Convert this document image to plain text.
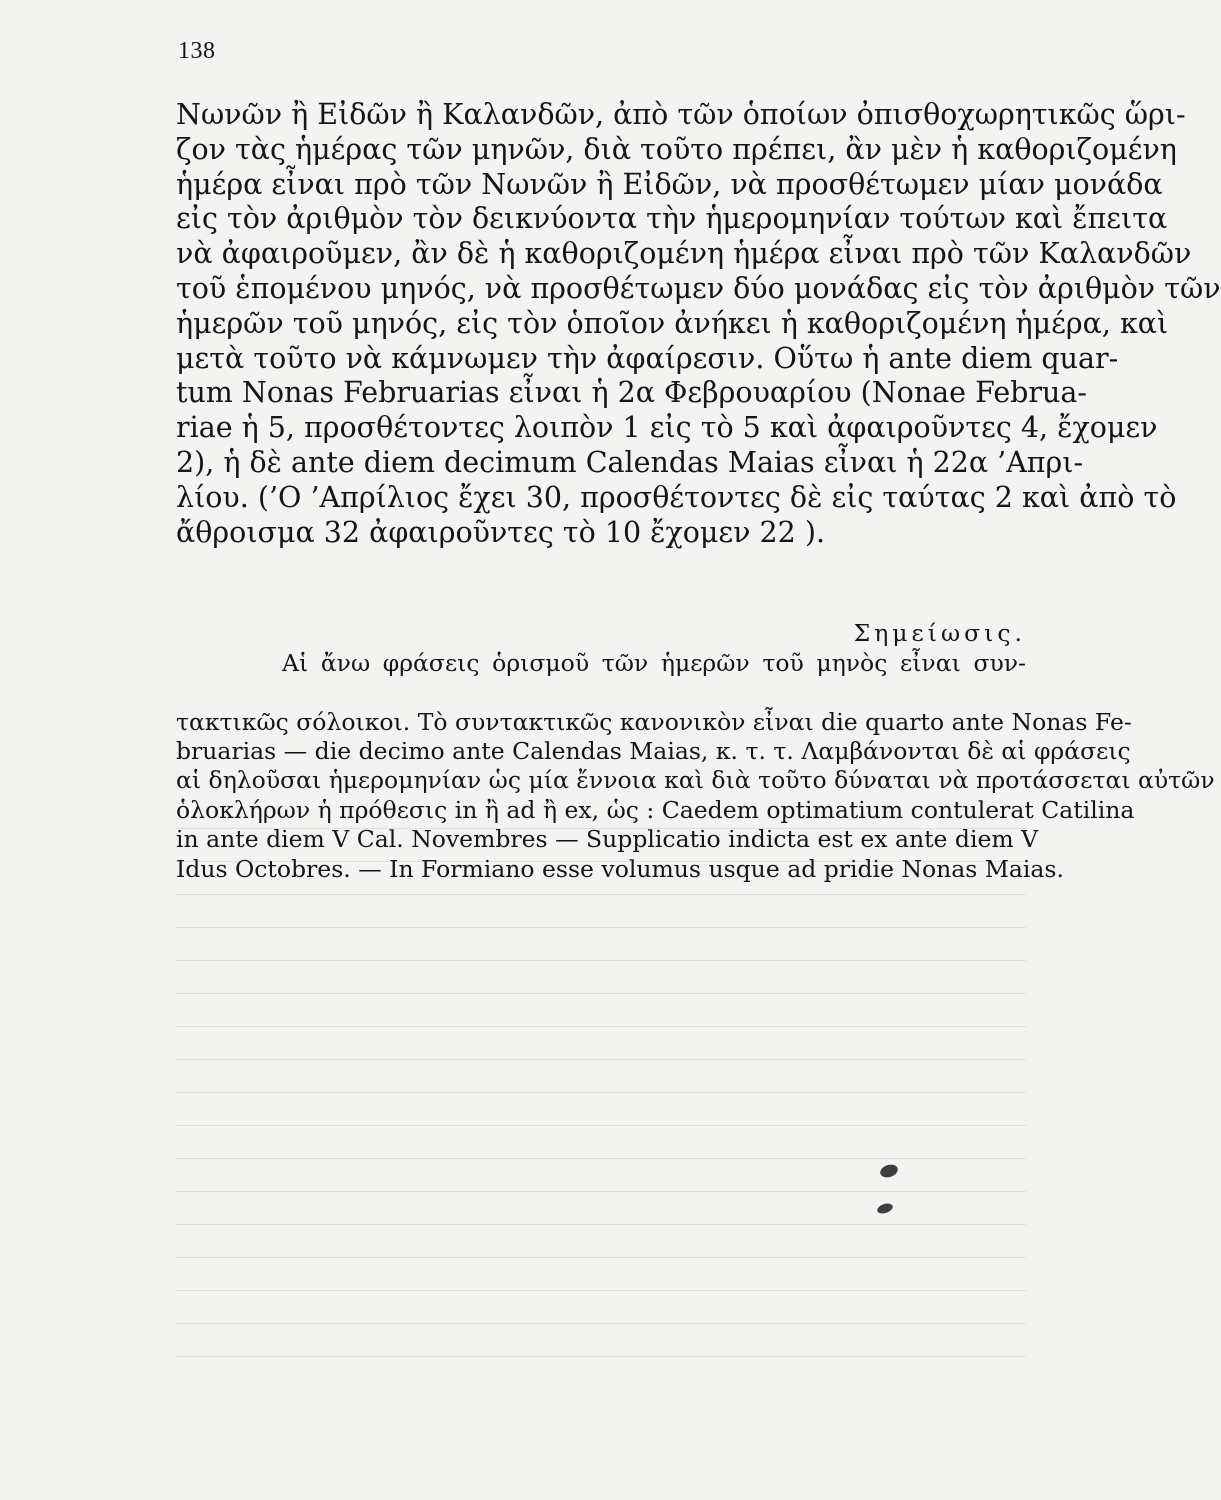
138
Νωνῶν ἢ Εἰδῶν ἢ Καλανδῶν, ἀπὸ τῶν ὁποίων ὀπισθοχωρητικῶς ὥρι-
ζον τὰς ἡμέρας τῶν μηνῶν, διὰ τοῦτο πρέπει, ἂν μὲν ἡ καθοριζομένη
ἡμέρα εἶναι πρὸ τῶν Νωνῶν ἢ Εἰδῶν, νὰ προσθέτωμεν μίαν μονάδα
εἰς τὸν ἀριθμὸν τὸν δεικνύοντα τὴν ἡμερομηνίαν τούτων καὶ ἔπειτα
νὰ ἀφαιροῦμεν, ἂν δὲ ἡ καθοριζομένη ἡμέρα εἶναι πρὸ τῶν Καλανδῶν
τοῦ ἑπομένου μηνός, νὰ προσθέτωμεν δύο μονάδας εἰς τὸν ἀριθμὸν τῶν
ἡμερῶν τοῦ μηνός, εἰς τὸν ὁποῖον ἀνήκει ἡ καθοριζομένη ἡμέρα, καὶ
μετὰ τοῦτο νὰ κάμνωμεν τὴν ἀφαίρεσιν. Οὕτω ἡ ante diem quar-
tum Nonas Februarias εἶναι ἡ 2α Φεβρουαρίου (Nonae Februa-
riae ἡ 5, προσθέτοντες λοιπὸν 1 εἰς τὸ 5 καὶ ἀφαιροῦντες 4, ἔχομεν
2), ἡ δὲ ante diem decimum Calendas Maias εἶναι ἡ 22α ’Απρι-
λίου. (’Ο ’Απρίλιος ἔχει 30, προσθέτοντες δὲ εἰς ταύτας 2 καὶ ἀπὸ τὸ
ἄθροισμα 32 ἀφαιροῦντες τὸ 10 ἔχομεν 22 ).

Σημείωσις.
Αἱ ἄνω φράσεις ὁρισμοῦ τῶν ἡμερῶν τοῦ μηνὸς εἶναι συν-

τακτικῶς σόλοικοι. Τὸ συντακτικῶς κανονικὸν εἶναι die quarto ante Nonas Fe-
bruarias — die decimo ante Calendas Maias, κ. τ. τ. Λαμβάνονται δὲ αἱ φράσεις
αἱ δηλοῦσαι ἡμερομηνίαν ὡς μία ἔννοια καὶ διὰ τοῦτο δύναται νὰ προτάσσεται αὐτῶν
ὁλοκλήρων ἡ πρόθεσις in ἢ ad ἢ ex, ὡς : Caedem optimatium contulerat Catilina
in ante diem V Cal. Novembres — Supplicatio indicta est ex ante diem V
Idus Octobres. — In Formiano esse volumus usque ad pridie Nonas Maias.
